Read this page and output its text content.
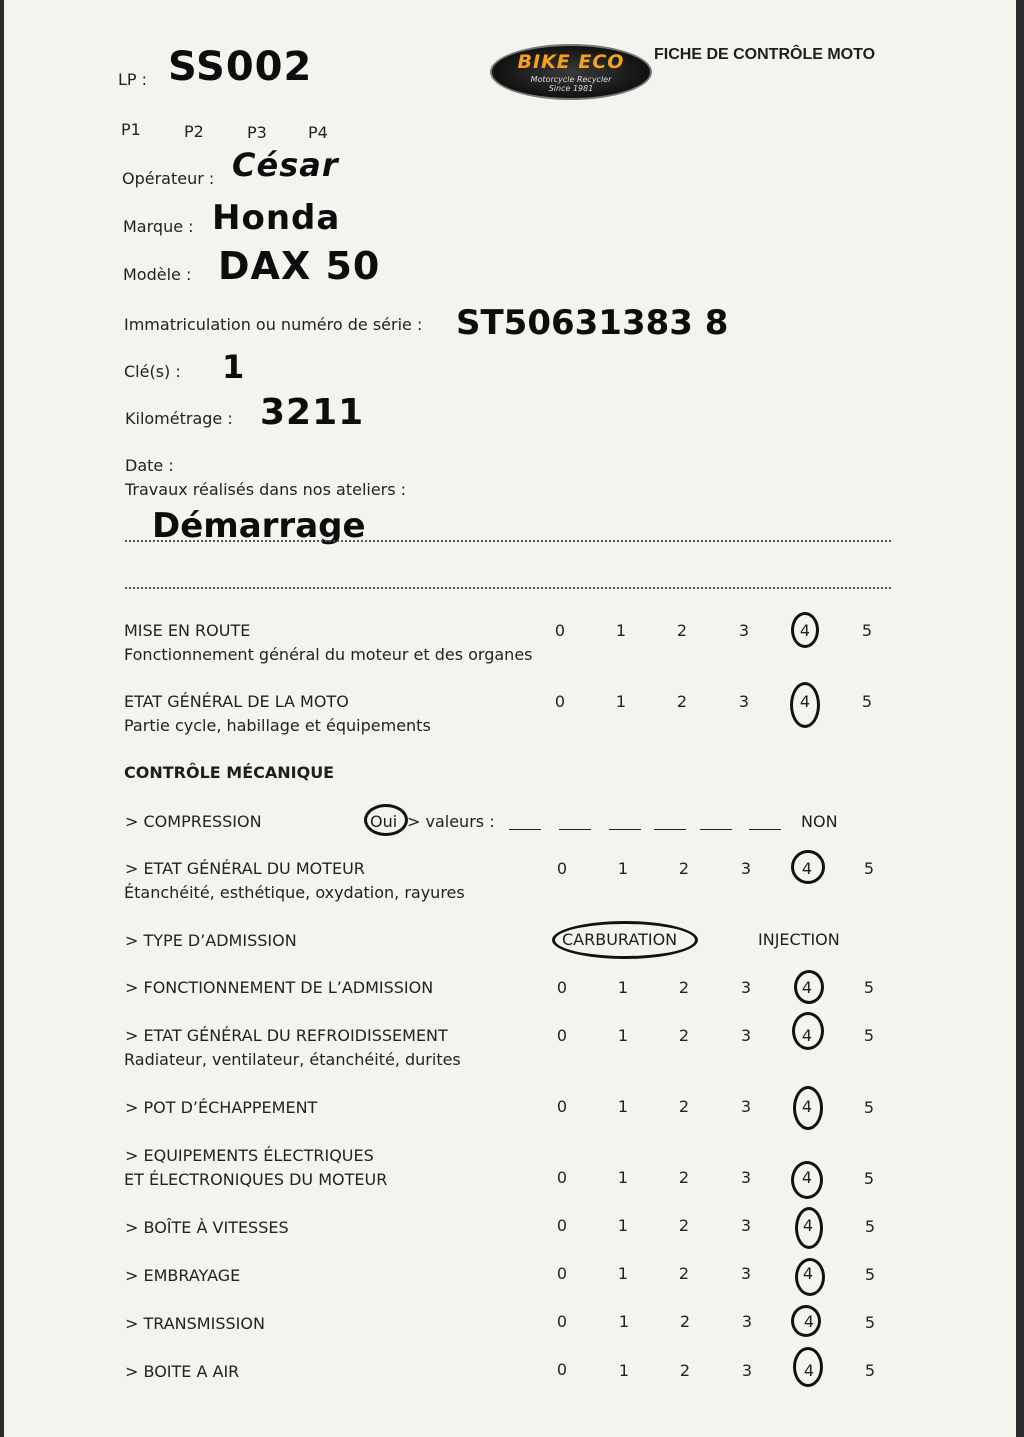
BIKE ECO
Motorcycle Recycler
Since 1981
FICHE DE CONTRÔLE MOTO
LP : SS002
P1	P2	P3	P4
Opérateur : César
Marque : Honda
Modèle : DAX 50
Immatriculation ou numéro de série : ST50631383 8
Clé(s) : 1
Kilométrage : 3211
Date :
Travaux réalisés dans nos ateliers :
Démarrage
MISE EN ROUTE
Fonctionnement général du moteur et des organes
0	1	2	3	4	5
ETAT GÉNÉRAL DE LA MOTO
Partie cycle, habillage et équipements
0	1	2	3	4	5
CONTRÔLE MÉCANIQUE
> COMPRESSION	Oui > valeurs :	NON
> ETAT GÉNÉRAL DU MOTEUR
Étanchéité, esthétique, oxydation, rayures
0	1	2	3	4	5
> TYPE D’ADMISSION	CARBURATION	INJECTION
> FONCTIONNEMENT DE L’ADMISSION	0	1	2	3	4	5
> ETAT GÉNÉRAL DU REFROIDISSEMENT
Radiateur, ventilateur, étanchéité, durites
0	1	2	3	4	5
> POT D’ÉCHAPPEMENT	0	1	2	3	4	5
> EQUIPEMENTS ÉLECTRIQUES
ET ÉLECTRONIQUES DU MOTEUR	0	1	2	3	4	5
> BOÎTE À VITESSES	0	1	2	3	4	5
> EMBRAYAGE	0	1	2	3	4	5
> TRANSMISSION	0	1	2	3	4	5
> BOITE A AIR	0	1	2	3	4	5
